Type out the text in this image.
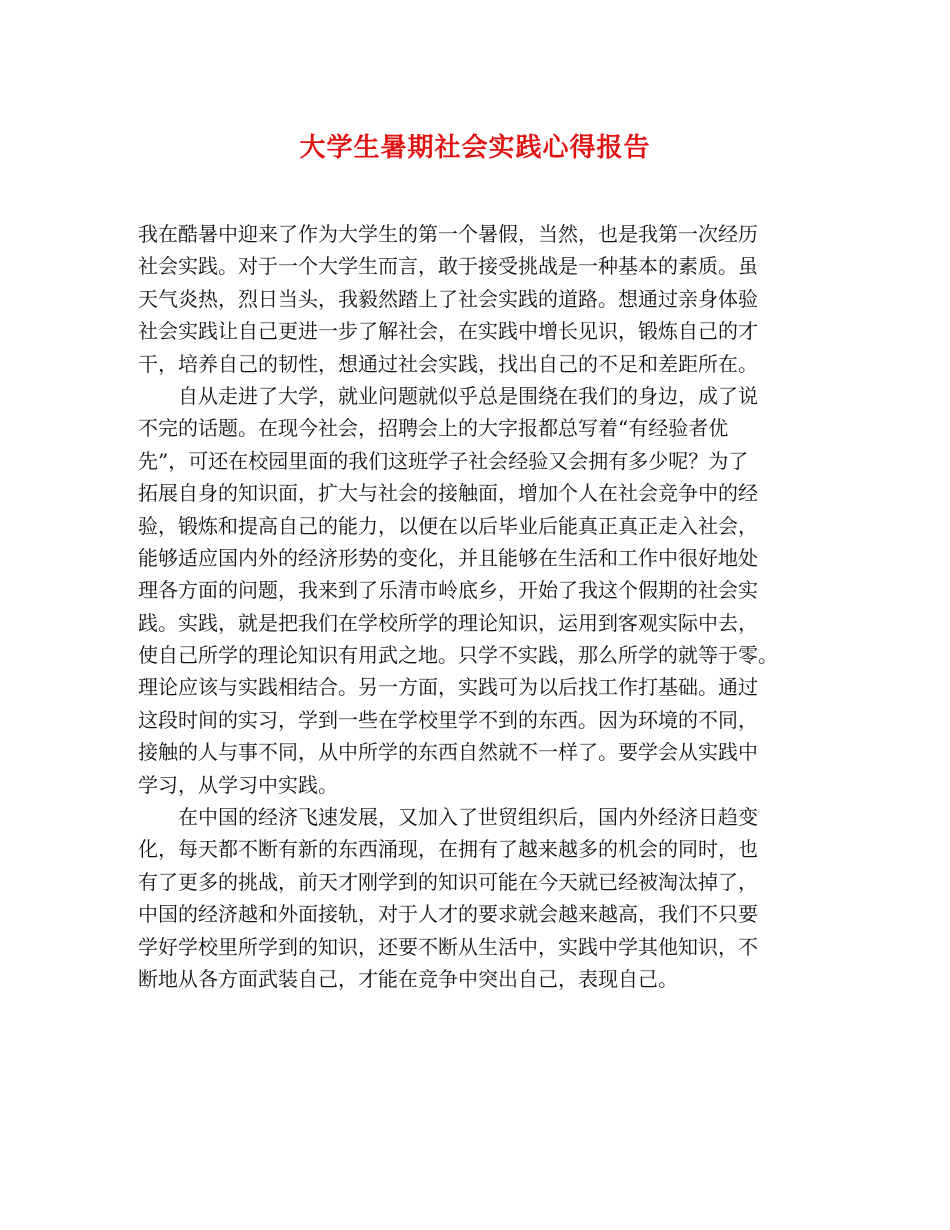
大学生暑期社会实践心得报告
我在酷暑中迎来了作为大学生的第一个暑假，当然，也是我第一次经历
社会实践。对于一个大学生而言，敢于接受挑战是一种基本的素质。虽
天气炎热，烈日当头，我毅然踏上了社会实践的道路。想通过亲身体验
社会实践让自己更进一步了解社会，在实践中增长见识，锻炼自己的才
干，培养自己的韧性，想通过社会实践，找出自己的不足和差距所在。
　　自从走进了大学，就业问题就似乎总是围绕在我们的身边，成了说
不完的话题。在现今社会，招聘会上的大字报都总写着“有经验者优
先”，可还在校园里面的我们这班学子社会经验又会拥有多少呢？为了
拓展自身的知识面，扩大与社会的接触面，增加个人在社会竞争中的经
验，锻炼和提高自己的能力，以便在以后毕业后能真正真正走入社会，
能够适应国内外的经济形势的变化，并且能够在生活和工作中很好地处
理各方面的问题，我来到了乐清市岭底乡，开始了我这个假期的社会实
践。实践，就是把我们在学校所学的理论知识，运用到客观实际中去，
使自己所学的理论知识有用武之地。只学不实践，那么所学的就等于零。
理论应该与实践相结合。另一方面，实践可为以后找工作打基础。通过
这段时间的实习，学到一些在学校里学不到的东西。因为环境的不同，
接触的人与事不同，从中所学的东西自然就不一样了。要学会从实践中
学习，从学习中实践。
　　在中国的经济飞速发展，又加入了世贸组织后，国内外经济日趋变
化，每天都不断有新的东西涌现，在拥有了越来越多的机会的同时，也
有了更多的挑战，前天才刚学到的知识可能在今天就已经被淘汰掉了，
中国的经济越和外面接轨，对于人才的要求就会越来越高，我们不只要
学好学校里所学到的知识，还要不断从生活中，实践中学其他知识，不
断地从各方面武装自己，才能在竞争中突出自己，表现自己。
